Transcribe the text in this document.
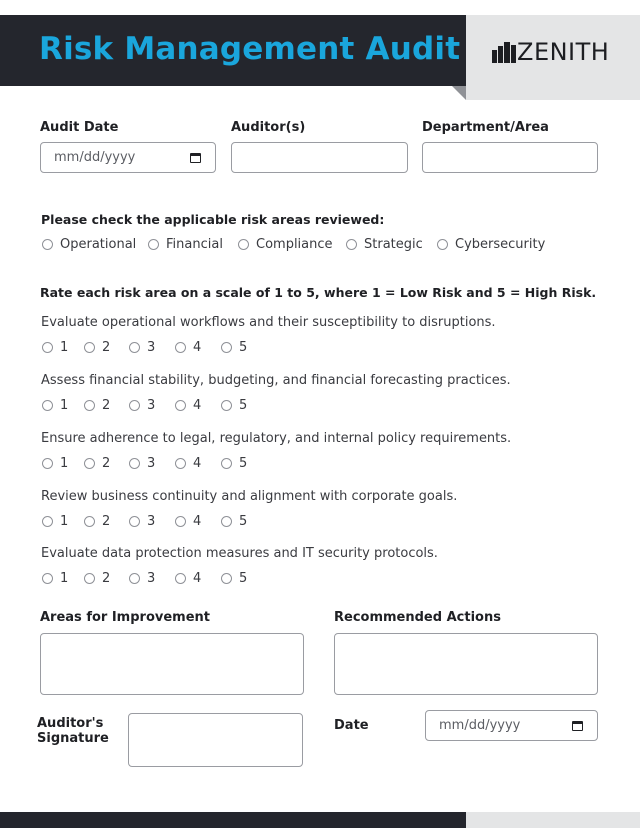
Risk Management Audit ZENITH
Audit Date
mm/dd/yyyy
Auditor(s)	Department/Area
Please check the applicable risk areas reviewed:
Operational Financial	Compliance Strategic Cybersecurity
Rate each risk area on a scale of 1 to 5, where 1 = Low Risk and 5 = High Risk.
Evaluate operational workflows and their susceptibility to disruptions.
1	2	3	4	5
Assess financial stability, budgeting, and financial forecasting practices.
1	2	3	4	5
Ensure adherence to legal, regulatory, and internal policy requirements.
1	2	3	4	5
Review business continuity and alignment with corporate goals.
1	2	3	4	5
Evaluate data protection measures and IT security protocols.
1	2	3	4	5
Areas for Improvement	Recommended Actions
Auditor's
Signature
Date	mm/dd/yyyy
